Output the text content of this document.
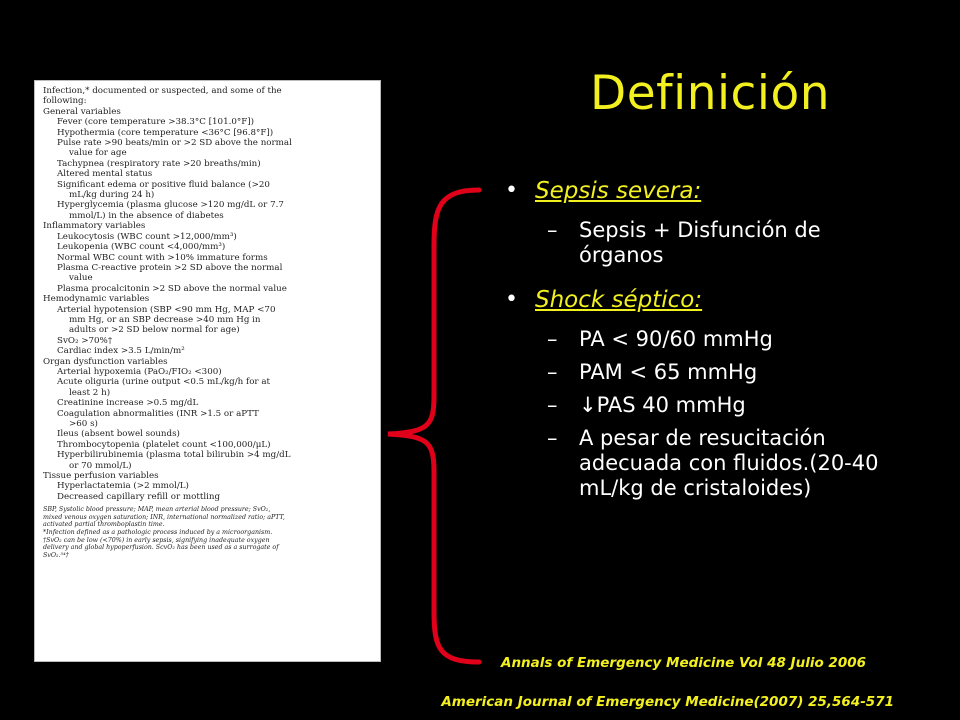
Definición
Infection,* documented or suspected, and some of the
following:
General variables
Fever (core temperature >38.3°C [101.0°F])
Hypothermia (core temperature <36°C [96.8°F])
Pulse rate >90 beats/min or >2 SD above the normal
value for age
Tachypnea (respiratory rate >20 breaths/min)
Altered mental status
Significant edema or positive fluid balance (>20
mL/kg during 24 h)
Hyperglycemia (plasma glucose >120 mg/dL or 7.7
mmol/L) in the absence of diabetes
Inflammatory variables
Leukocytosis (WBC count >12,000/mm³)
Leukopenia (WBC count <4,000/mm³)
Normal WBC count with >10% immature forms
Plasma C-reactive protein >2 SD above the normal
value
Plasma procalcitonin >2 SD above the normal value
Hemodynamic variables
Arterial hypotension (SBP <90 mm Hg, MAP <70
mm Hg, or an SBP decrease >40 mm Hg in
adults or >2 SD below normal for age)
SvO₂ >70%†
Cardiac index >3.5 L/min/m²
Organ dysfunction variables
Arterial hypoxemia (PaO₂/FIO₂ <300)
Acute oliguria (urine output <0.5 mL/kg/h for at
least 2 h)
Creatinine increase >0.5 mg/dL
Coagulation abnormalities (INR >1.5 or aPTT
>60 s)
Ileus (absent bowel sounds)
Thrombocytopenia (platelet count <100,000/μL)
Hyperbilirubinemia (plasma total bilirubin >4 mg/dL
or 70 mmol/L)
Tissue perfusion variables
Hyperlactatemia (>2 mmol/L)
Decreased capillary refill or mottling
SBP, Systolic blood pressure; MAP, mean arterial blood pressure; SvO₂,
mixed venous oxygen saturation; INR, international normalized ratio; aPTT,
activated partial thromboplastin time.
*Infection defined as a pathologic process induced by a microorganism.
†SvO₂ can be low (<70%) in early sepsis, signifying inadequate oxygen
delivery and global hypoperfusion. ScvO₂ has been used as a surrogate of
SvO₂.⁵⁴†
• Sepsis severa:
–	Sepsis + Disfunción de órganos
• Shock séptico:
–	PA < 90/60 mmHg
–	PAM < 65 mmHg
–	↓PAS 40 mmHg
–	A pesar de resucitación adecuada con fluidos.(20-40 mL/kg de cristaloides)
Annals of Emergency Medicine Vol 48 Julio 2006
American Journal of Emergency Medicine(2007) 25,564-571
